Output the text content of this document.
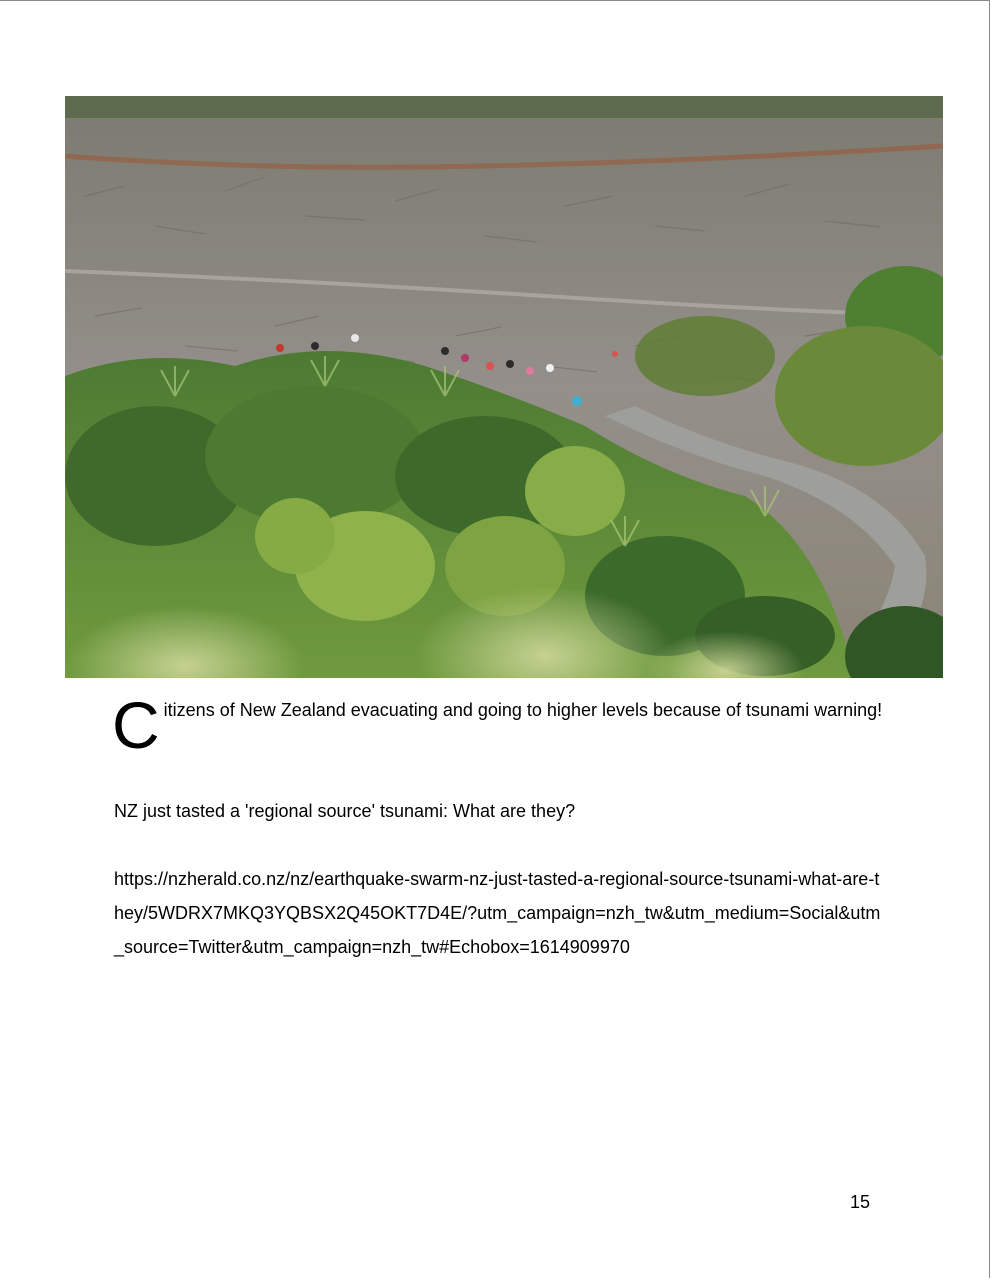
Citizens of New Zealand evacuating and going to higher levels because of tsunami warning!
NZ just tasted a 'regional source' tsunami: What are they?
https://nzherald.co.nz/nz/earthquake-swarm-nz-just-tasted-a-regional-source-tsunami-what-are-they/5WDRX7MKQ3YQBSX2Q45OKT7D4E/?utm_campaign=nzh_tw&utm_medium=Social&utm_source=Twitter&utm_campaign=nzh_tw#Echobox=1614909970
15
